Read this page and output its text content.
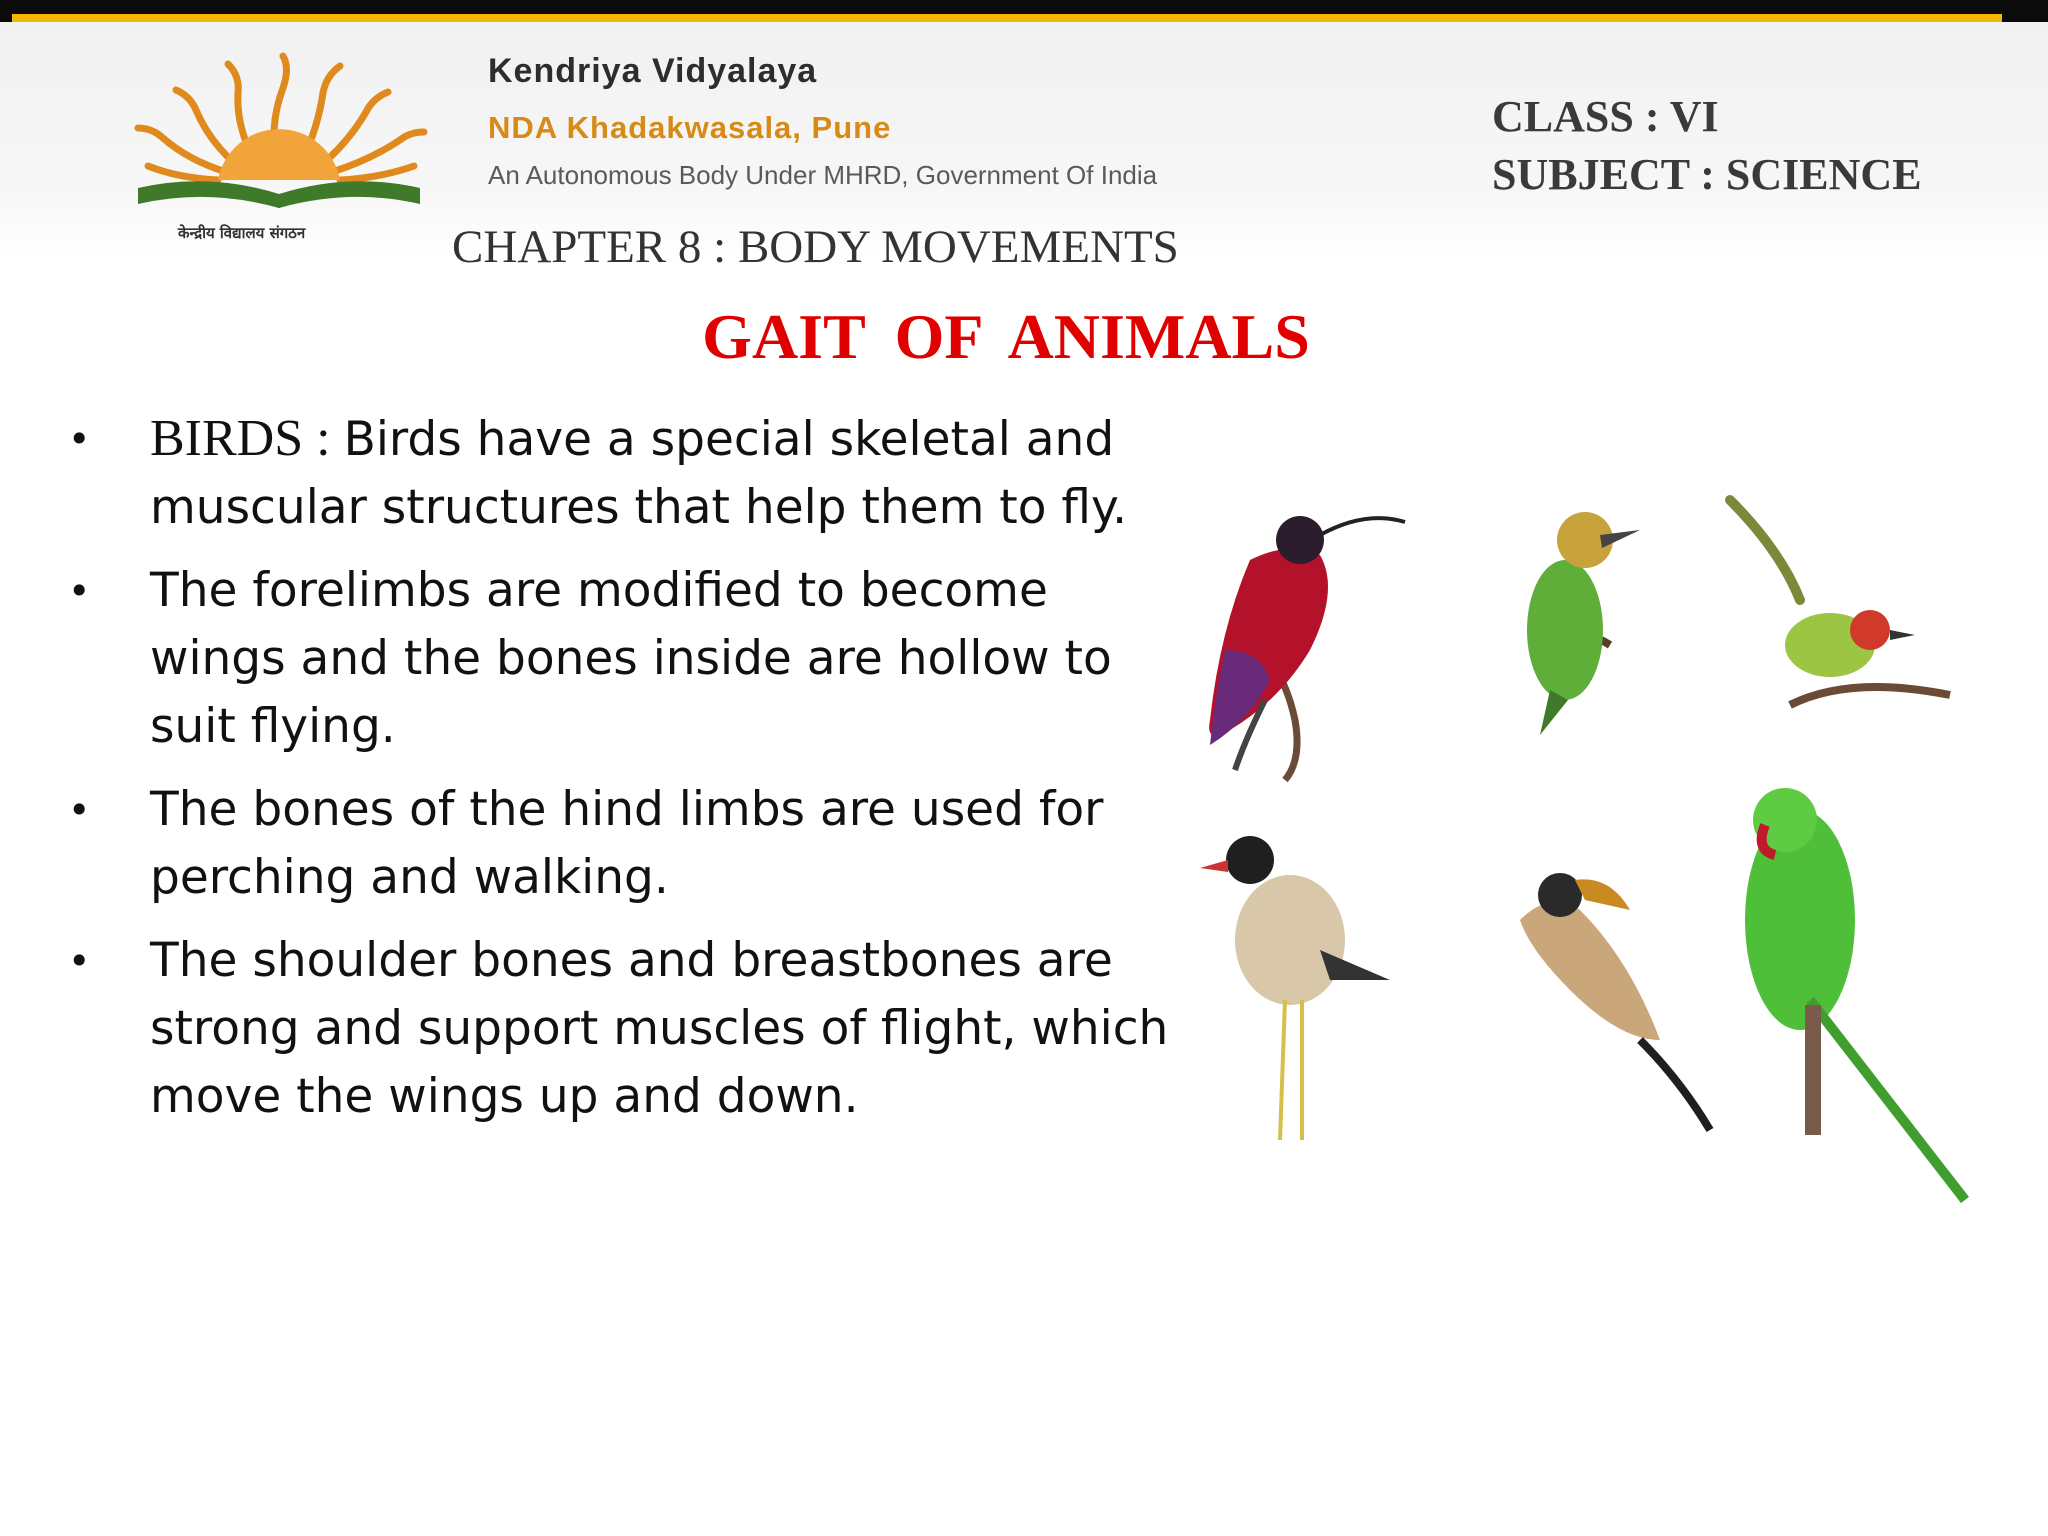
केन्द्रीय विद्यालय संगठन
Kendriya Vidyalaya
NDA Khadakwasala, Pune
An Autonomous Body Under MHRD, Government Of India
CLASS : VI
SUBJECT : SCIENCE
CHAPTER 8 : BODY MOVEMENTS
GAIT OF ANIMALS
• BIRDS : Birds have a special skeletal and muscular structures that help them to fly.
• The forelimbs are modified to become wings and the bones inside are hollow to suit flying.
• The bones of the hind limbs are used for perching and walking.
• The shoulder bones and breastbones are strong and support muscles of flight, which move the wings up and down.
